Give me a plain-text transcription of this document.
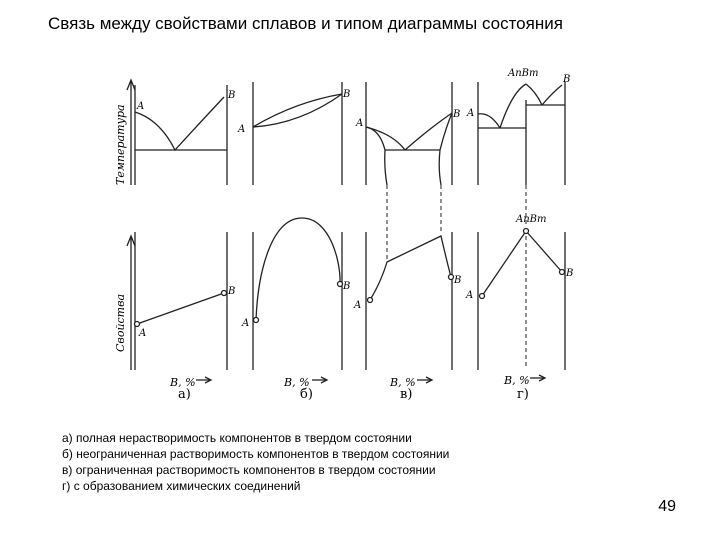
Связь между свойствами сплавов и типом диаграммы состояния
Температура
Свойства
A
B
A
B
A
B A
AnBm
B
A
B
A
B
A
B
A
AnBm
B
B, %	B, %	B, %	B, %
а)	б)	в)	г)
а) полная нерастворимость компонентов в твердом состоянии
б) неограниченная растворимость компонентов в твердом состоянии
в) ограниченная растворимость компонентов в твердом состоянии
г) с образованием химических соединений
49
